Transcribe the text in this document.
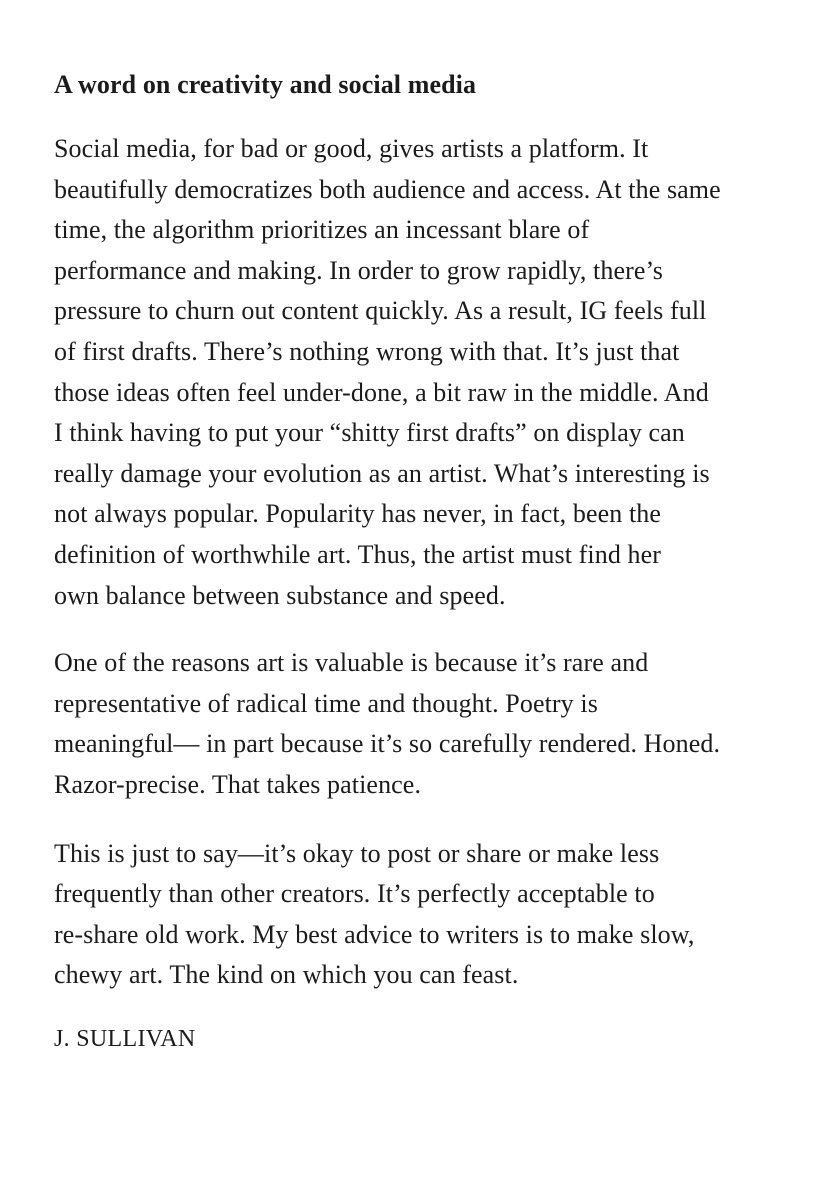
A word on creativity and social media

Social media, for bad or good, gives artists a platform. It
beautifully democratizes both audience and access. At the same
time, the algorithm prioritizes an incessant blare of
performance and making. In order to grow rapidly, there’s
pressure to churn out content quickly. As a result, IG feels full
of first drafts. There’s nothing wrong with that. It’s just that
those ideas often feel under-done, a bit raw in the middle. And
I think having to put your “shitty first drafts” on display can
really damage your evolution as an artist. What’s interesting is
not always popular. Popularity has never, in fact, been the
definition of worthwhile art. Thus, the artist must find her
own balance between substance and speed.

One of the reasons art is valuable is because it’s rare and
representative of radical time and thought. Poetry is
meaningful— in part because it’s so carefully rendered. Honed.
Razor-precise. That takes patience.

This is just to say—it’s okay to post or share or make less
frequently than other creators. It’s perfectly acceptable to
re-share old work. My best advice to writers is to make slow,
chewy art. The kind on which you can feast.

J. SULLIVAN
